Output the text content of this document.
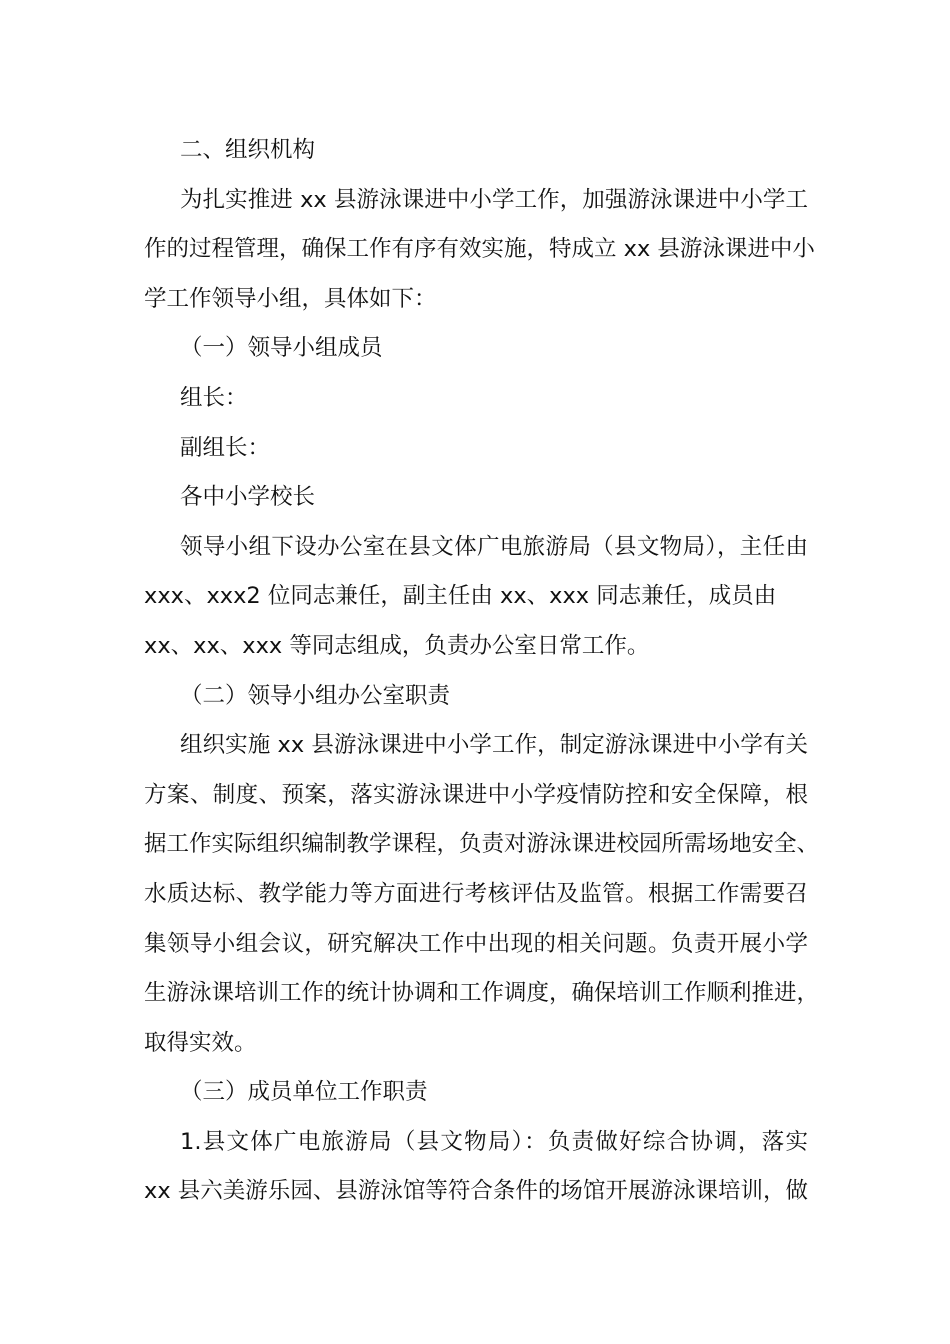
二、组织机构
为扎实推进 xx 县游泳课进中小学工作，加强游泳课进中小学工
作的过程管理，确保工作有序有效实施，特成立 xx 县游泳课进中小
学工作领导小组，具体如下：
（一）领导小组成员
组长：
副组长：
各中小学校长
领导小组下设办公室在县文体广电旅游局（县文物局），主任由
xxx、xxx2 位同志兼任，副主任由 xx、xxx 同志兼任，成员由
xx、xx、xxx 等同志组成，负责办公室日常工作。
（二）领导小组办公室职责
组织实施 xx 县游泳课进中小学工作，制定游泳课进中小学有关
方案、制度、预案，落实游泳课进中小学疫情防控和安全保障，根
据工作实际组织编制教学课程，负责对游泳课进校园所需场地安全、
水质达标、教学能力等方面进行考核评估及监管。根据工作需要召
集领导小组会议，研究解决工作中出现的相关问题。负责开展小学
生游泳课培训工作的统计协调和工作调度，确保培训工作顺利推进，
取得实效。
（三）成员单位工作职责
1.县文体广电旅游局（县文物局）：负责做好综合协调，落实
xx 县六美游乐园、县游泳馆等符合条件的场馆开展游泳课培训，做
